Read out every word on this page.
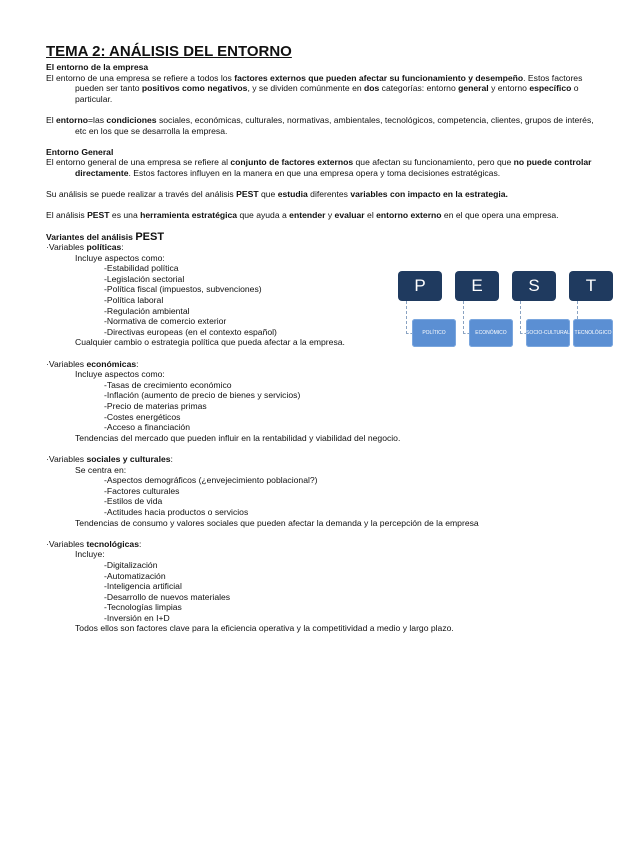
TEMA 2: ANÁLISIS DEL ENTORNO

El entorno de la empresa

El entorno de una empresa se refiere a todos los factores externos que pueden afectar su funcionamiento y desempeño. Estos factores pueden ser tanto positivos como negativos, y se dividen comúnmente en dos categorías: entorno general y entorno específico o particular.

El entorno=las condiciones sociales, económicas, culturales, normativas, ambientales, tecnológicos, competencia, clientes, grupos de interés, etc en los que se desarrolla la empresa.

Entorno General

El entorno general de una empresa se refiere al conjunto de factores externos que afectan su funcionamiento, pero que no puede controlar directamente. Estos factores influyen en la manera en que una empresa opera y toma decisiones estratégicas.

Su análisis se puede realizar a través del análisis PEST que estudia diferentes variables con impacto en la estrategia.

El análisis PEST es una herramienta estratégica que ayuda a entender y evaluar el entorno externo en el que opera una empresa.

Variantes del análisis PEST

·Variables políticas:

Incluye aspectos como:

-Estabilidad política

-Legislación sectorial

-Política fiscal (impuestos, subvenciones)

-Política laboral

-Regulación ambiental

-Normativa de comercio exterior

-Directivas europeas (en el contexto español)

Cualquier cambio o estrategia política que pueda afectar a la empresa.

·Variables económicas:

Incluye aspectos como:

-Tasas de crecimiento económico

-Inflación (aumento de precio de bienes y servicios)

-Precio de materias primas

-Costes energéticos

-Acceso a financiación

Tendencias del mercado que pueden influir en la rentabilidad y viabilidad del negocio.

·Variables sociales y culturales:

Se centra en:

-Aspectos demográficos (¿envejecimiento poblacional?)

-Factores culturales

-Estilos de vida

-Actitudes hacia productos o servicios

Tendencias de consumo y valores sociales que pueden afectar la demanda y la percepción de la empresa

·Variables tecnológicas:

Incluye:

-Digitalización

-Automatización

-Inteligencia artificial

-Desarrollo de nuevos materiales

-Tecnologías limpias

-Inversión en I+D

Todos ellos son factores clave para la eficiencia operativa y la competitividad a medio y largo plazo.

P	E	S	T
POLÍTICO	ECONÓMICO	SOCIO-CULTURAL TECNOLÓGICO
